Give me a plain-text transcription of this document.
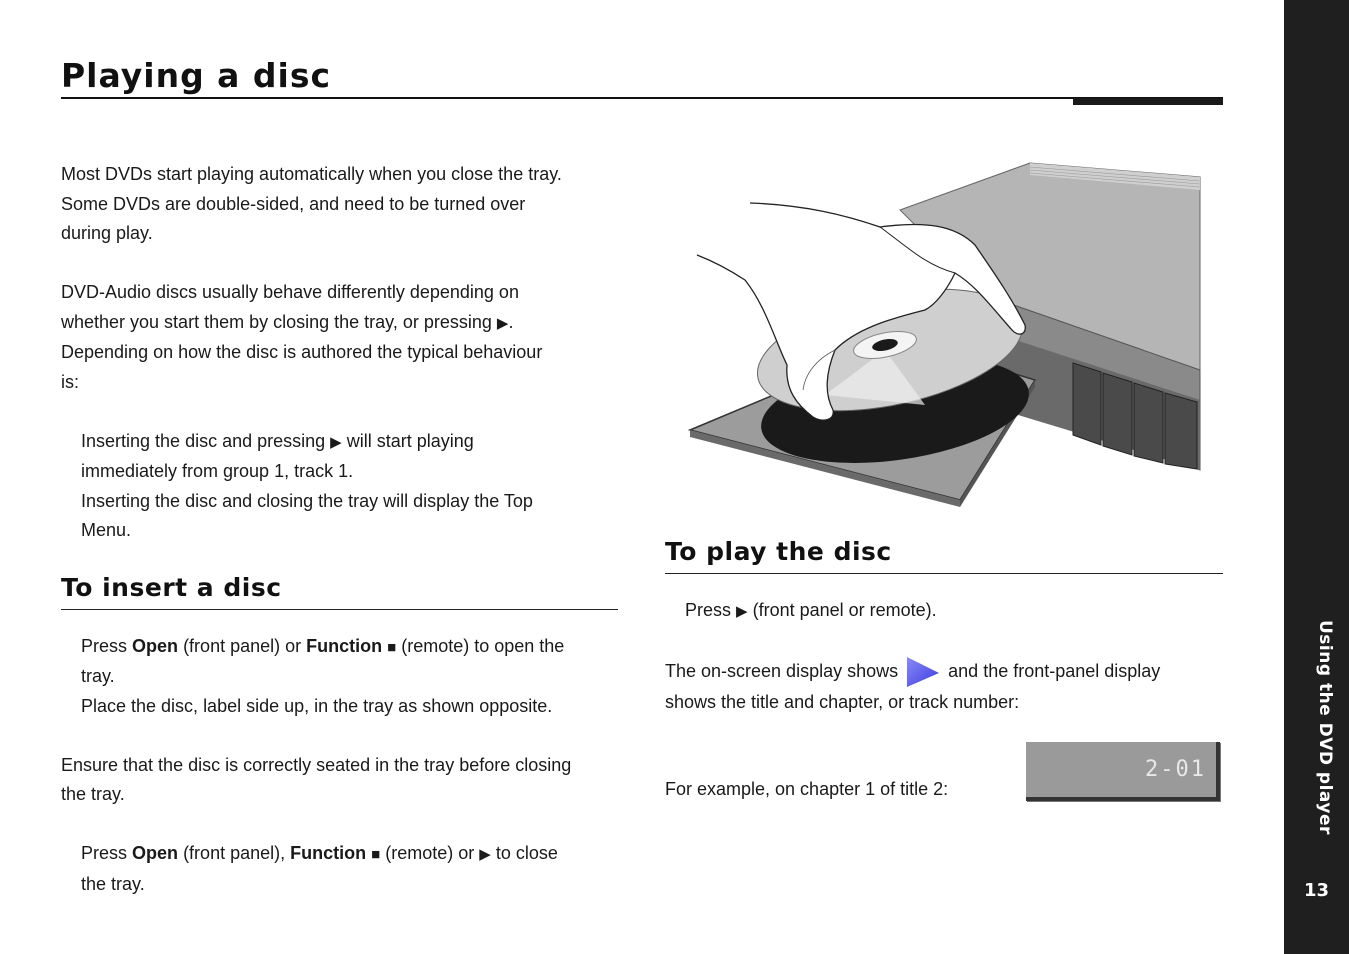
Playing a disc
Using the DVD player
13

Most DVDs start playing automatically when you close the tray.

Some DVDs are double-sided, and need to be turned over

during play.

DVD-Audio discs usually behave differently depending on

whether you start them by closing the tray, or pressing ▶.

Depending on how the disc is authored the typical behaviour

is:

Inserting the disc and pressing ▶ will start playing

immediately from group 1, track 1.

Inserting the disc and closing the tray will display the Top

Menu.

To insert a disc

Press Open (front panel) or Function ■ (remote) to open the

tray.

Place the disc, label side up, in the tray as shown opposite.

Ensure that the disc is correctly seated in the tray before closing

the tray.

Press Open (front panel), Function ■ (remote) or ▶ to close

the tray.

To play the disc

Press ▶ (front panel or remote).

The on-screen display shows	and the front-panel display

shows the title and chapter, or track number:

For example, on chapter 1 of title 2:
2-01
